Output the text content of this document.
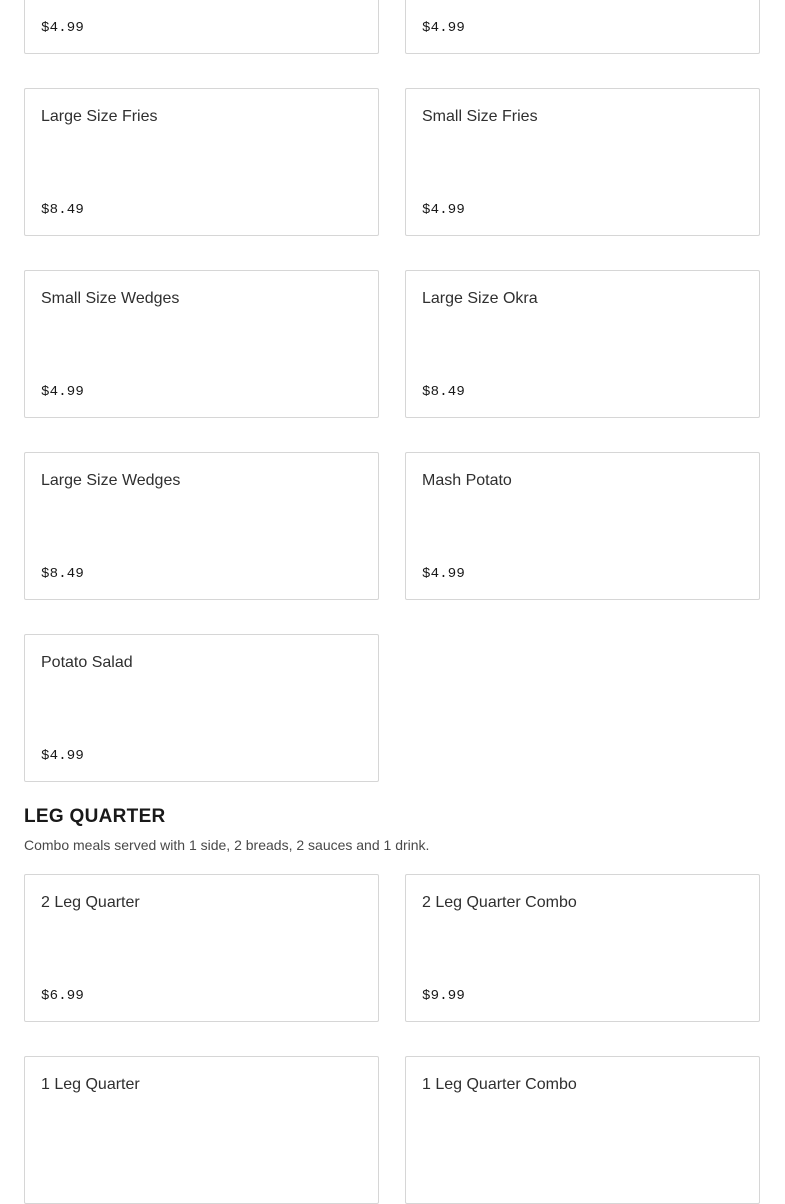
$4.99	$4.99
Large Size Fries
$8.49
Small Size Fries
$4.99
Small Size Wedges
$4.99
Large Size Okra
$8.49
Large Size Wedges
$8.49
Mash Potato
$4.99
Potato Salad
$4.99
LEG QUARTER

Combo meals served with 1 side, 2 breads, 2 sauces and 1 drink.

2 Leg Quarter
$6.99
2 Leg Quarter Combo
$9.99
1 Leg Quarter	1 Leg Quarter Combo
